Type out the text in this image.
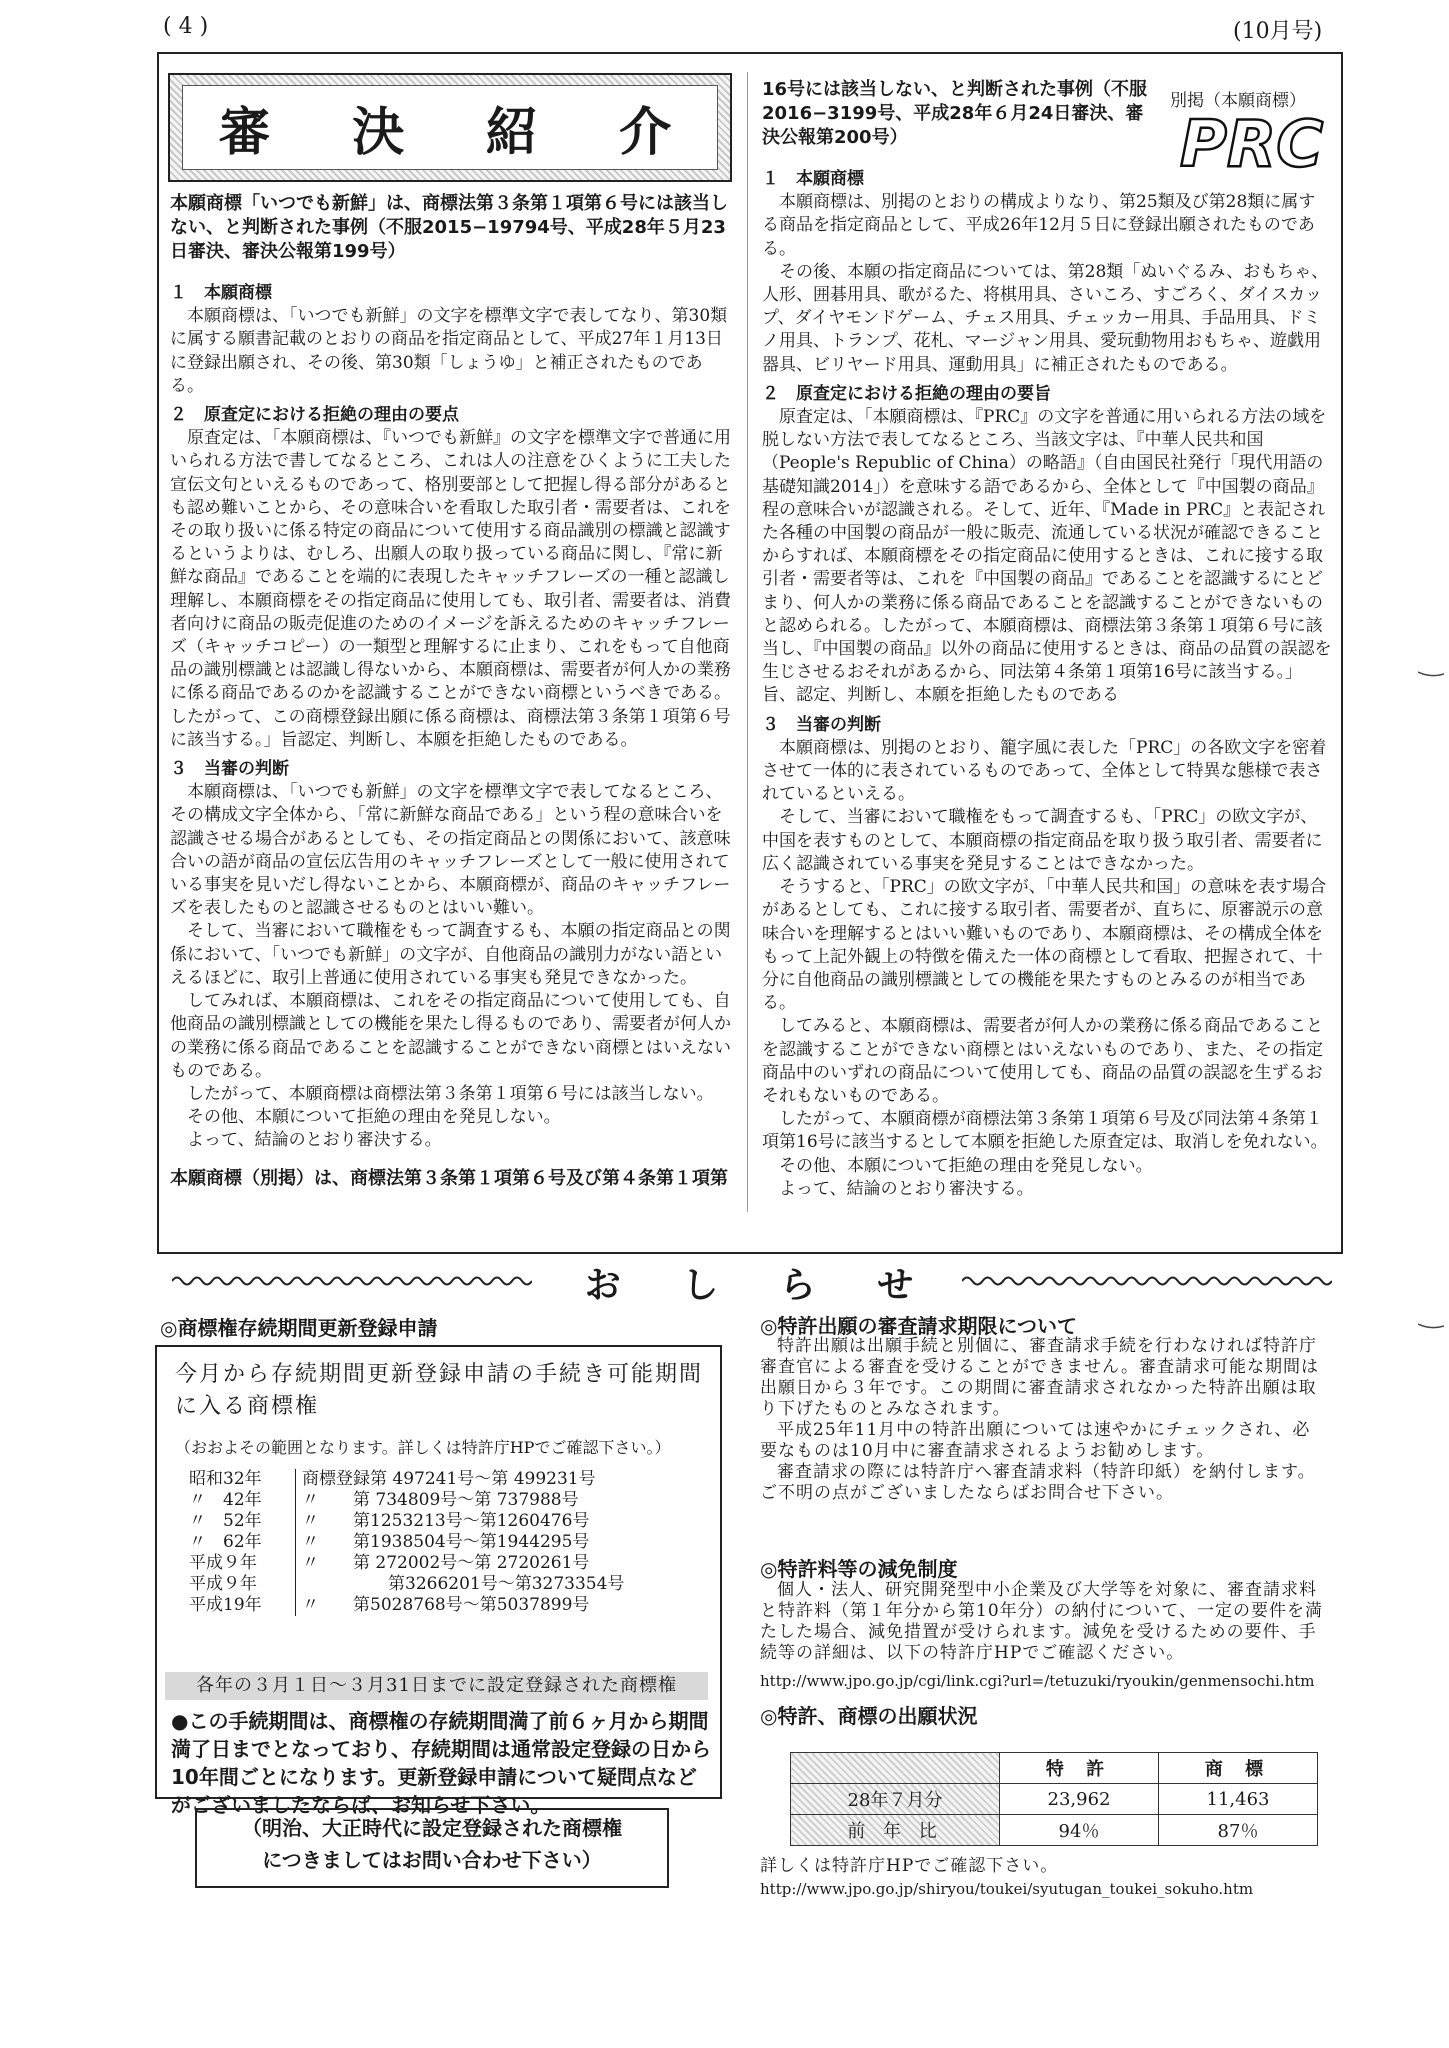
( 4 )	(10月号)
審 決 紹 介

本願商標「いつでも新鮮」は、商標法第３条第１項第６号には該当しない、と判断された事例（不服2015−19794号、平成28年５月23日審決、審決公報第199号）

１　本願商標

本願商標は、「いつでも新鮮」の文字を標準文字で表してなり、第30類に属する願書記載のとおりの商品を指定商品として、平成27年１月13日に登録出願され、その後、第30類「しょうゆ」と補正されたものである。

２　原査定における拒絶の理由の要点

原査定は、「本願商標は、『いつでも新鮮』の文字を標準文字で普通に用いられる方法で書してなるところ、これは人の注意をひくように工夫した宣伝文句といえるものであって、格別要部として把握し得る部分があるとも認め難いことから、その意味合いを看取した取引者・需要者は、これをその取り扱いに係る特定の商品について使用する商品識別の標識と認識するというよりは、むしろ、出願人の取り扱っている商品に関し、『常に新鮮な商品』であることを端的に表現したキャッチフレーズの一種と認識し理解し、本願商標をその指定商品に使用しても、取引者、需要者は、消費者向けに商品の販売促進のためのイメージを訴えるためのキャッチフレーズ（キャッチコピー）の一類型と理解するに止まり、これをもって自他商品の識別標識とは認識し得ないから、本願商標は、需要者が何人かの業務に係る商品であるのかを認識することができない商標というべきである。したがって、この商標登録出願に係る商標は、商標法第３条第１項第６号に該当する。」旨認定、判断し、本願を拒絶したものである。

３　当審の判断

本願商標は、「いつでも新鮮」の文字を標準文字で表してなるところ、その構成文字全体から、「常に新鮮な商品である」という程の意味合いを認識させる場合があるとしても、その指定商品との関係において、該意味合いの語が商品の宣伝広告用のキャッチフレーズとして一般に使用されている事実を見いだし得ないことから、本願商標が、商品のキャッチフレーズを表したものと認識させるものとはいい難い。

そして、当審において職権をもって調査するも、本願の指定商品との関係において、「いつでも新鮮」の文字が、自他商品の識別力がない語といえるほどに、取引上普通に使用されている事実も発見できなかった。

してみれば、本願商標は、これをその指定商品について使用しても、自他商品の識別標識としての機能を果たし得るものであり、需要者が何人かの業務に係る商品であることを認識することができない商標とはいえないものである。

したがって、本願商標は商標法第３条第１項第６号には該当しない。

その他、本願について拒絶の理由を発見しない。

よって、結論のとおり審決する。

本願商標（別掲）は、商標法第３条第１項第６号及び第４条第１項第

16号には該当しない、と判断された事例（不服2016−3199号、平成28年６月24日審決、審決公報第200号）

１　本願商標

本願商標は、別掲のとおりの構成よりなり、第25類及び第28類に属する商品を指定商品として、平成26年12月５日に登録出願されたものである。

その後、本願の指定商品については、第28類「ぬいぐるみ、おもちゃ、人形、囲碁用具、歌がるた、将棋用具、さいころ、すごろく、ダイスカップ、ダイヤモンドゲーム、チェス用具、チェッカー用具、手品用具、ドミノ用具、トランプ、花札、マージャン用具、愛玩動物用おもちゃ、遊戯用器具、ビリヤード用具、運動用具」に補正されたものである。

２　原査定における拒絶の理由の要旨

原査定は、「本願商標は、『PRC』の文字を普通に用いられる方法の域を脱しない方法で表してなるところ、当該文字は、『中華人民共和国（People's Republic of China）の略語』（自由国民社発行「現代用語の基礎知識2014」）を意味する語であるから、全体として『中国製の商品』程の意味合いが認識される。そして、近年、『Made in PRC』と表記された各種の中国製の商品が一般に販売、流通している状況が確認できることからすれば、本願商標をその指定商品に使用するときは、これに接する取引者・需要者等は、これを『中国製の商品』であることを認識するにとどまり、何人かの業務に係る商品であることを認識することができないものと認められる。したがって、本願商標は、商標法第３条第１項第６号に該当し、『中国製の商品』以外の商品に使用するときは、商品の品質の誤認を生じさせるおそれがあるから、同法第４条第１項第16号に該当する。」旨、認定、判断し、本願を拒絶したものである

３　当審の判断

本願商標は、別掲のとおり、籠字風に表した「PRC」の各欧文字を密着させて一体的に表されているものであって、全体として特異な態様で表されているといえる。

そして、当審において職権をもって調査するも、「PRC」の欧文字が、中国を表すものとして、本願商標の指定商品を取り扱う取引者、需要者に広く認識されている事実を発見することはできなかった。

そうすると、「PRC」の欧文字が、「中華人民共和国」の意味を表す場合があるとしても、これに接する取引者、需要者が、直ちに、原審説示の意味合いを理解するとはいい難いものであり、本願商標は、その構成全体をもって上記外観上の特徴を備えた一体の商標として看取、把握されて、十分に自他商品の識別標識としての機能を果たすものとみるのが相当である。

してみると、本願商標は、需要者が何人かの業務に係る商品であることを認識することができない商標とはいえないものであり、また、その指定商品中のいずれの商品について使用しても、商品の品質の誤認を生ずるおそれもないものである。

したがって、本願商標が商標法第３条第１項第６号及び同法第４条第１項第16号に該当するとして本願を拒絶した原査定は、取消しを免れない。

その他、本願について拒絶の理由を発見しない。

よって、結論のとおり審決する。

別掲（本願商標）
PRC
お し ら せ
◎商標権存続期間更新登録申請
今月から存続期間更新登録申請の手続き可能期間に入る商標権
（おおよその範囲となります。詳しくは特許庁HPでご確認下さい。）
昭和32年	商標登録第 497241号～第 499231号
〃　42年	〃　　第 734809号～第 737988号
〃　52年	〃　　第1253213号～第1260476号
〃　62年	〃　　第1938504号～第1944295号
平成９年	〃　　第 272002号～第 2720261号
平成９年	第3266201号～第3273354号
平成19年	〃　　第5028768号～第5037899号
各年の３月１日～３月31日までに設定登録された商標権
●この手続期間は、商標権の存続期間満了前６ヶ月から期間満了日までとなっており、存続期間は通常設定登録の日から10年間ごとになります。更新登録申請について疑問点などがございましたならば、お知らせ下さい。
（明治、大正時代に設定登録された商標権
につきましてはお問い合わせ下さい）
◎特許出願の審査請求期限について

特許出願は出願手続と別個に、審査請求手続を行わなければ特許庁審査官による審査を受けることができません。審査請求可能な期間は出願日から３年です。この期間に審査請求されなかった特許出願は取り下げたものとみなされます。

平成25年11月中の特許出願については速やかにチェックされ、必要なものは10月中に審査請求されるようお勧めします。

審査請求の際には特許庁へ審査請求料（特許印紙）を納付します。ご不明の点がございましたならばお問合せ下さい。

◎特許料等の減免制度

個人・法人、研究開発型中小企業及び大学等を対象に、審査請求料と特許料（第１年分から第10年分）の納付について、一定の要件を満たした場合、減免措置が受けられます。減免を受けるための要件、手続等の詳細は、以下の特許庁HPでご確認ください。

http://www.jpo.go.jp/cgi/link.cgi?url=/tetuzuki/ryoukin/genmensochi.htm
◎特許、商標の出願状況
	特 許	商 標
28年７月分	23,962	11,463
前 年 比	94％	87％
詳しくは特許庁HPでご確認下さい。
http://www.jpo.go.jp/shiryou/toukei/syutugan_toukei_sokuho.htm
